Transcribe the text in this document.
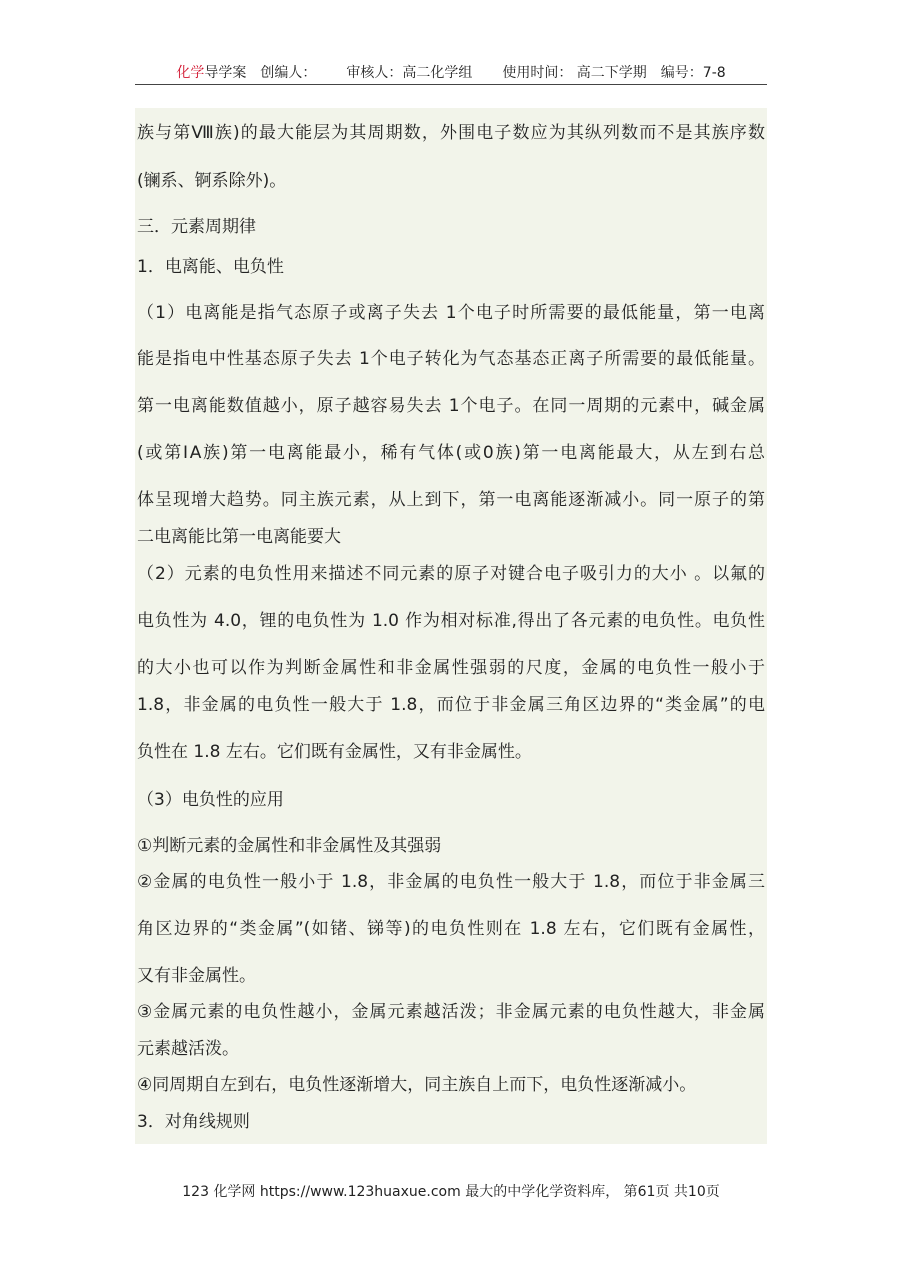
化学导学案 创编人： 审核人：高二化学组 使用时间： 高二下学期 编号：7-8
族与第Ⅷ族)的最大能层为其周期数，外围电子数应为其纵列数而不是其族序数
(镧系、锕系除外)。
三．元素周期律
1．电离能、电负性
（1）电离能是指气态原子或离子失去 1个电子时所需要的最低能量，第一电离
能是指电中性基态原子失去 1个电子转化为气态基态正离子所需要的最低能量。
第一电离能数值越小，原子越容易失去 1个电子。在同一周期的元素中，碱金属
(或第ⅠA族)第一电离能最小，稀有气体(或0族)第一电离能最大，从左到右总
体呈现增大趋势。同主族元素，从上到下，第一电离能逐渐减小。同一原子的第
二电离能比第一电离能要大
（2）元素的电负性用来描述不同元素的原子对键合电子吸引力的大小 。以氟的
电负性为 4.0，锂的电负性为 1.0 作为相对标准,得出了各元素的电负性。电负性
的大小也可以作为判断金属性和非金属性强弱的尺度，金属的电负性一般小于
1.8，非金属的电负性一般大于 1.8，而位于非金属三角区边界的“类金属”的电
负性在 1.8 左右。它们既有金属性，又有非金属性。
（3）电负性的应用
①判断元素的金属性和非金属性及其强弱
②金属的电负性一般小于 1.8，非金属的电负性一般大于 1.8，而位于非金属三
角区边界的“类金属”(如锗、锑等)的电负性则在 1.8 左右，它们既有金属性，
又有非金属性。
③金属元素的电负性越小，金属元素越活泼；非金属元素的电负性越大，非金属
元素越活泼。
④同周期自左到右，电负性逐渐增大，同主族自上而下，电负性逐渐减小。
3．对角线规则
123 化学网 https://www.123huaxue.com 最大的中学化学资料库， 第61页 共10页
